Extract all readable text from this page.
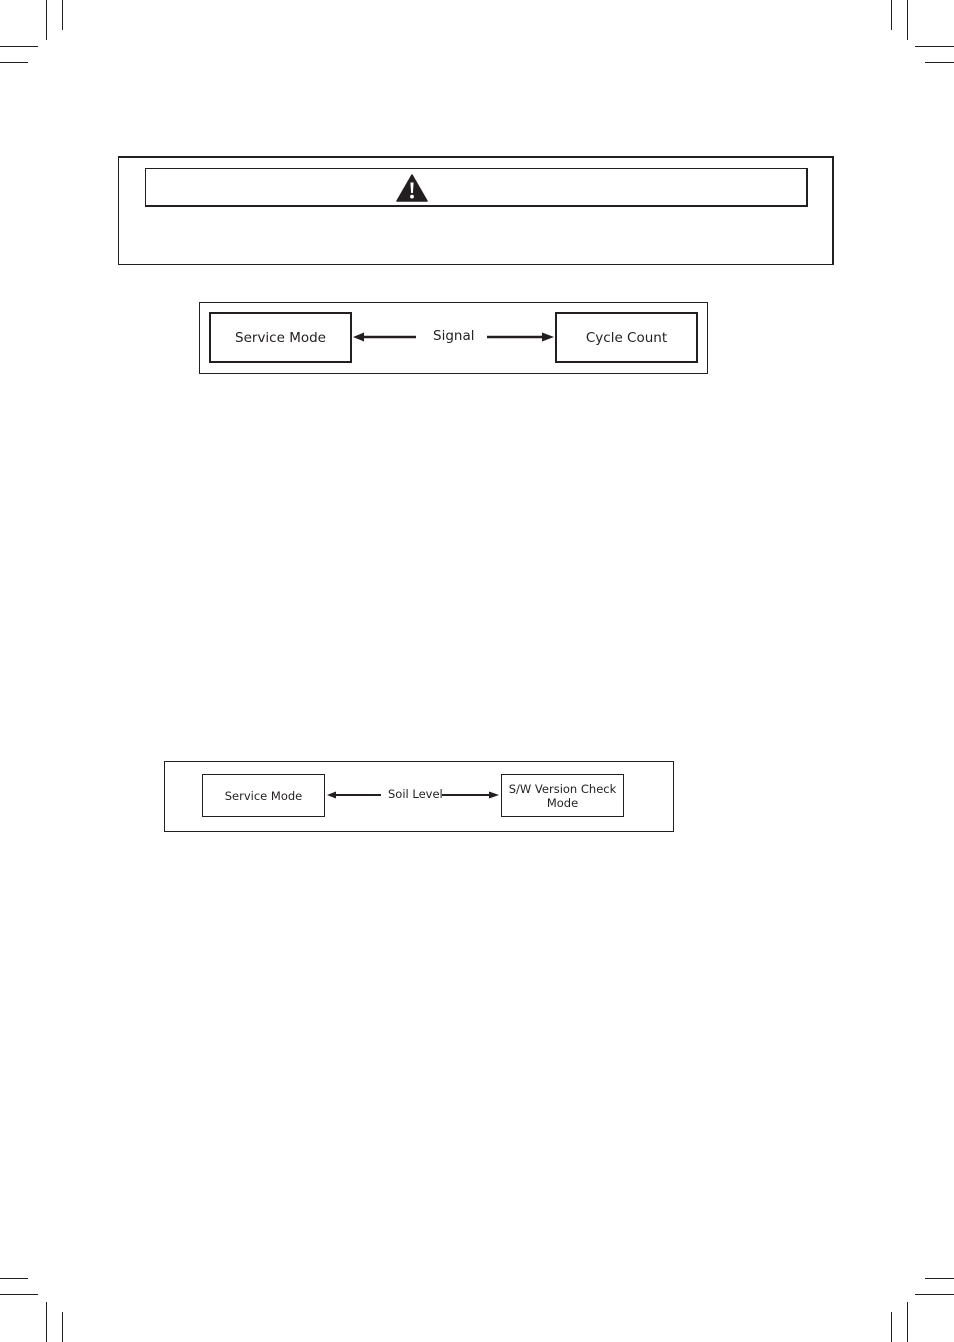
Service Mode	Signal	Cycle Count
Service Mode	Soil Level	S/W Version Check
Mode
